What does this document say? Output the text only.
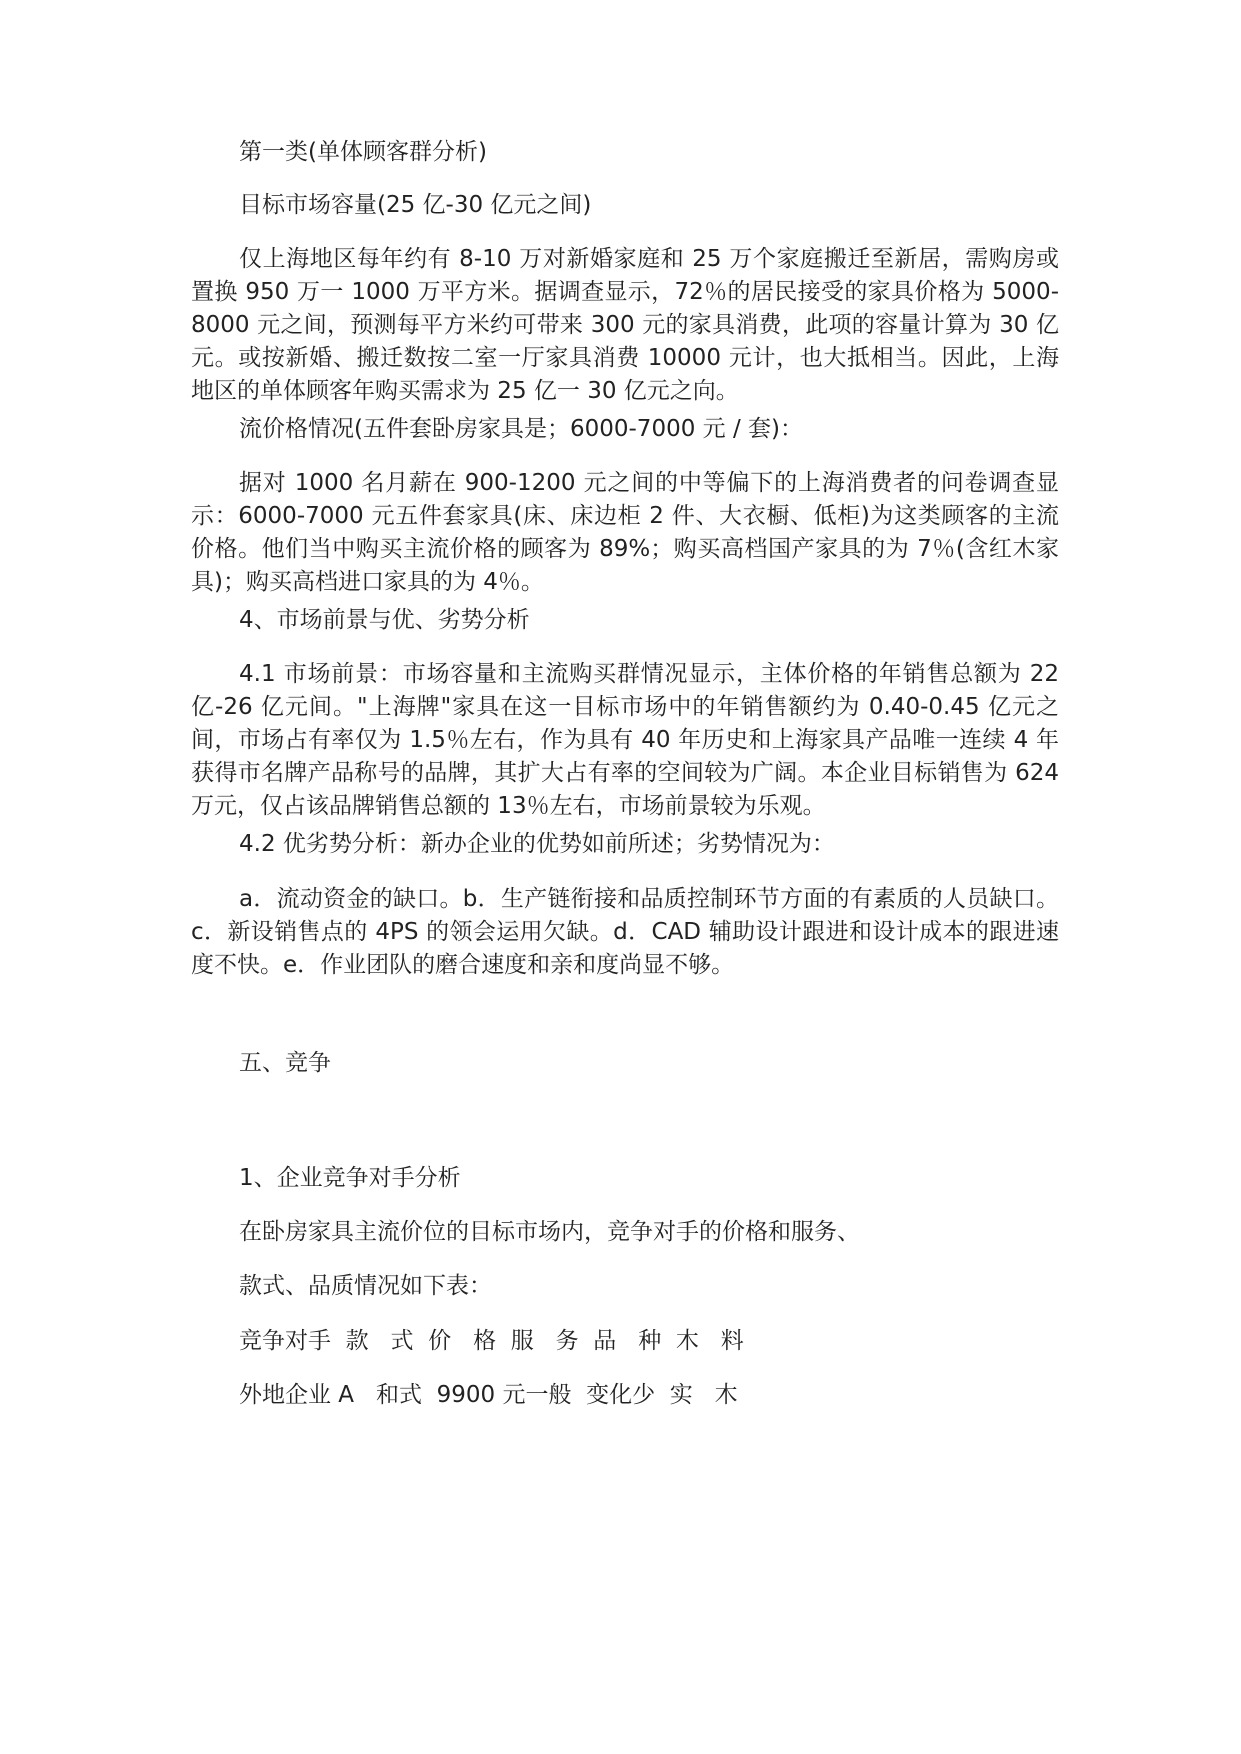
第一类(单体顾客群分析)
目标市场容量(25 亿-30 亿元之间)
仅上海地区每年约有 8-10 万对新婚家庭和 25 万个家庭搬迁至新居，需购房或置换 950 万一 1000 万平方米。据调查显示，72％的居民接受的家具价格为 5000-8000 元之间，预测每平方米约可带来 300 元的家具消费，此项的容量计算为 30 亿元。或按新婚、搬迁数按二室一厅家具消费 10000 元计，也大抵相当。因此，上海地区的单体顾客年购买需求为 25 亿一 30 亿元之向。
流价格情况(五件套卧房家具是；6000-7000 元 / 套)：
据对 1000 名月薪在 900-1200 元之间的中等偏下的上海消费者的问卷调查显示：6000-7000 元五件套家具(床、床边柜 2 件、大衣橱、低柜)为这类顾客的主流价格。他们当中购买主流价格的顾客为 89%；购买高档国产家具的为 7％(含红木家具)；购买高档进口家具的为 4％。
4、市场前景与优、劣势分析
4.1 市场前景：市场容量和主流购买群情况显示，主体价格的年销售总额为 22 亿-26 亿元间。"上海牌"家具在这一目标市场中的年销售额约为 0.40-0.45 亿元之间，市场占有率仅为 1.5％左右，作为具有 40 年历史和上海家具产品唯一连续 4 年获得市名牌产品称号的品牌，其扩大占有率的空间较为广阔。本企业目标销售为 624 万元，仅占该品牌销售总额的 13％左右，市场前景较为乐观。
4.2 优劣势分析：新办企业的优势如前所述；劣势情况为：
a．流动资金的缺口。b．生产链衔接和品质控制环节方面的有素质的人员缺口。c．新设销售点的 4PS 的领会运用欠缺。d．CAD 辅助设计跟进和设计成本的跟进速度不快。e．作业团队的磨合速度和亲和度尚显不够。
五、竞争
1、企业竞争对手分析
在卧房家具主流价位的目标市场内，竞争对手的价格和服务、
款式、品质情况如下表：
竞争对手  款   式  价   格  服   务  品   种  木   料
外地企业 A   和式  9900 元一般  变化少  实   木
